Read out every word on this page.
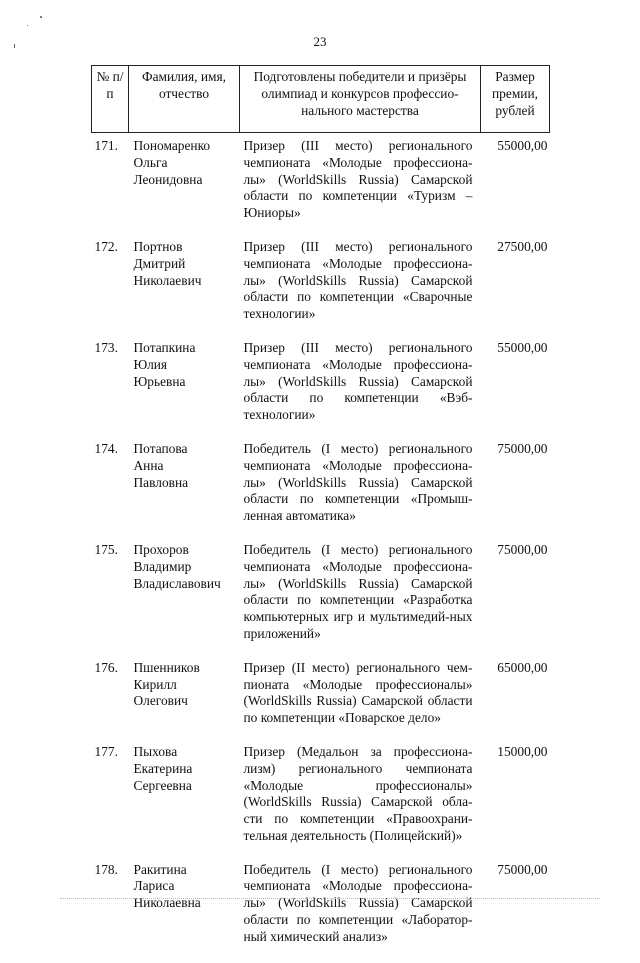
23
№ п/п	Фамилия, имя, отчество	Подготовлены победители и призёры олимпиад и конкурсов профессио-нального мастерства	Размер премии, рублей

171.	Пономаренко
Ольга
Леонидовна	Призер (III место) регионального чемпионата «Молодые профессиона-лы» (WorldSkills Russia) Самарской области по компетенции «Туризм – Юниоры»	55000,00
172.	Портнов
Дмитрий
Николаевич	Призер (III место) регионального чемпионата «Молодые профессиона-лы» (WorldSkills Russia) Самарской области по компетенции «Сварочные технологии»	27500,00
173.	Потапкина
Юлия
Юрьевна	Призер (III место) регионального чемпионата «Молодые профессиона-лы» (WorldSkills Russia) Самарской области по компетенции «Вэб-технологии»	55000,00
174.	Потапова
Анна
Павловна	Победитель (I место) регионального чемпионата «Молодые профессиона-лы» (WorldSkills Russia) Самарской области по компетенции «Промыш-ленная автоматика»	75000,00
175.	Прохоров
Владимир
Владиславович	Победитель (I место) регионального чемпионата «Молодые профессиона-лы» (WorldSkills Russia) Самарской области по компетенции «Разработка компьютерных игр и мультимедий-ных приложений»	75000,00
176.	Пшенников
Кирилл
Олегович	Призер (II место) регионального чем-пионата «Молодые профессионалы» (WorldSkills Russia) Самарской области по компетенции «Поварское дело»	65000,00
177.	Пыхова
Екатерина
Сергеевна	Призер (Медальон за профессиона-лизм) регионального чемпионата «Молодые профессионалы» (WorldSkills Russia) Самарской обла-сти по компетенции «Правоохрани-тельная деятельность (Полицейский)»	15000,00
178.	Ракитина
Лариса
Николаевна	Победитель (I место) регионального чемпионата «Молодые профессиона-лы» (WorldSkills Russia) Самарской области по компетенции «Лаборатор-ный химический анализ»	75000,00
